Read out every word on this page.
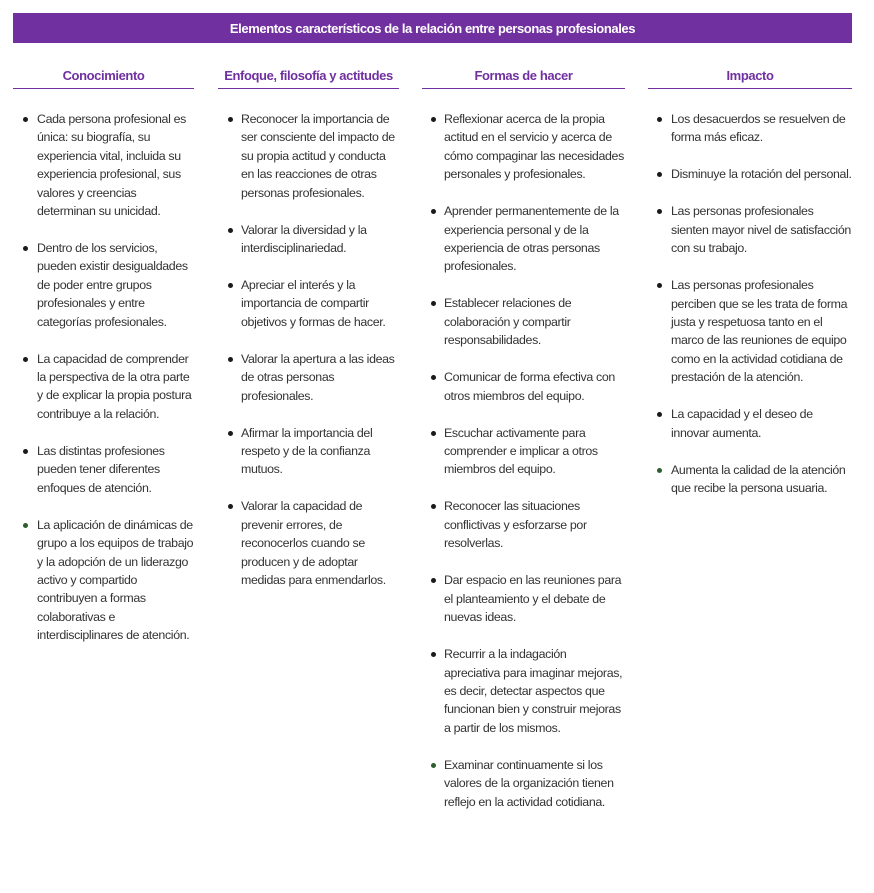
Elementos característicos de la relación entre personas profesionales
Conocimiento
Cada persona profesional es única: su biografía, su experiencia vital, incluida su experiencia profesional, sus valores y creencias determinan su unicidad.
Dentro de los servicios, pueden existir desigualdades de poder entre grupos profesionales y entre categorías profesionales.
La capacidad de comprender la perspectiva de la otra parte y de explicar la propia postura contribuye a la relación.
Las distintas profesiones pueden tener diferentes enfoques de atención.
La aplicación de dinámicas de grupo a los equipos de trabajo y la adopción de un liderazgo activo y compartido contribuyen a formas colaborativas e interdisciplinares de atención.
Enfoque, filosofía y actitudes
Reconocer la importancia de ser consciente del impacto de su propia actitud y conducta en las reacciones de otras personas profesionales.
Valorar la diversidad y la interdisciplinariedad.
Apreciar el interés y la importancia de compartir objetivos y formas de hacer.
Valorar la apertura a las ideas de otras personas profesionales.
Afirmar la importancia del respeto y de la confianza mutuos.
Valorar la capacidad de prevenir errores, de reconocerlos cuando se producen y de adoptar medidas para enmendarlos.
Formas de hacer
Reflexionar acerca de la propia actitud en el servicio y acerca de cómo compaginar las necesidades personales y profesionales.
Aprender permanentemente de la experiencia personal y de la experiencia de otras personas profesionales.
Establecer relaciones de colaboración y compartir responsabilidades.
Comunicar de forma efectiva con otros miembros del equipo.
Escuchar activamente para comprender e implicar a otros miembros del equipo.
Reconocer las situaciones conflictivas y esforzarse por resolverlas.
Dar espacio en las reuniones para el planteamiento y el debate de nuevas ideas.
Recurrir a la indagación apreciativa para imaginar mejoras, es decir, detectar aspectos que funcionan bien y construir mejoras a partir de los mismos.
Examinar continuamente si los valores de la organización tienen reflejo en la actividad cotidiana.
Impacto
Los desacuerdos se resuelven de forma más eficaz.
Disminuye la rotación del personal.
Las personas profesionales sienten mayor nivel de satisfacción con su trabajo.
Las personas profesionales perciben que se les trata de forma justa y respetuosa tanto en el marco de las reuniones de equipo como en la actividad cotidiana de prestación de la atención.
La capacidad y el deseo de innovar aumenta.
Aumenta la calidad de la atención que recibe la persona usuaria.
